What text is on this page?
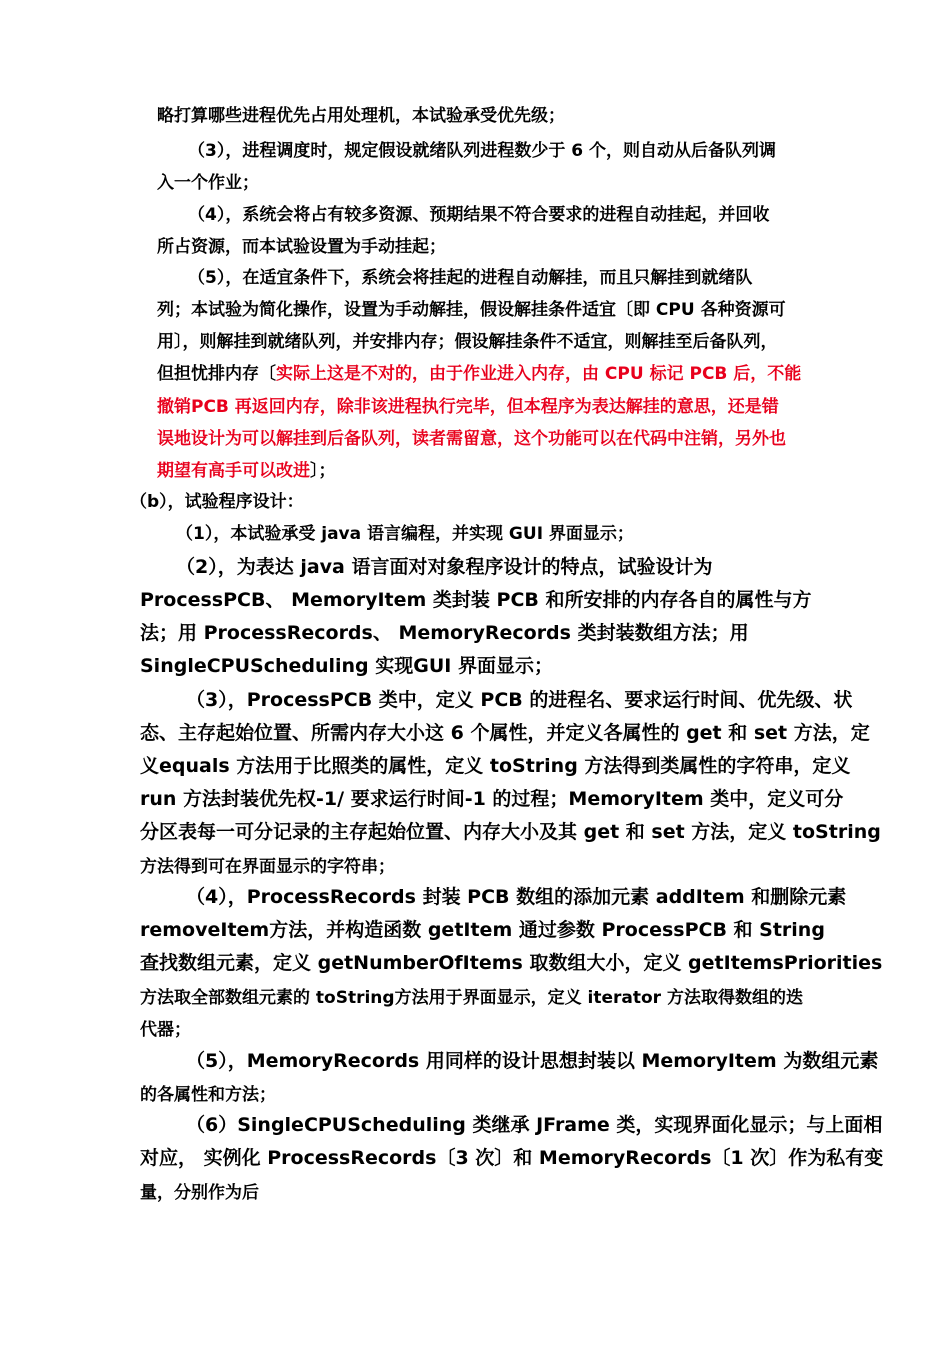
略打算哪些进程优先占用处理机，本试验承受优先级；

（3），进程调度时，规定假设就绪队列进程数少于 6 个，则自动从后备队列调

入一个作业；

（4），系统会将占有较多资源、预期结果不符合要求的进程自动挂起，并回收

所占资源，而本试验设置为手动挂起；

（5），在适宜条件下，系统会将挂起的进程自动解挂，而且只解挂到就绪队

列；本试验为简化操作，设置为手动解挂，假设解挂条件适宜〔即 CPU 各种资源可

用〕，则解挂到就绪队列，并安排内存；假设解挂条件不适宜，则解挂至后备队列，

但担忧排内存〔实际上这是不对的，由于作业进入内存，由 CPU 标记 PCB 后，不能

撤销PCB 再返回内存，除非该进程执行完毕，但本程序为表达解挂的意思，还是错

误地设计为可以解挂到后备队列，读者需留意，这个功能可以在代码中注销，另外也

期望有高手可以改进〕；

（b），试验程序设计：

（1），本试验承受 java 语言编程，并实现 GUI 界面显示；

（2），为表达 java 语言面对对象程序设计的特点，试验设计为

ProcessPCB、 MemoryItem 类封装 PCB 和所安排的内存各自的属性与方

法；用 ProcessRecords、 MemoryRecords 类封装数组方法；用

SingleCPUScheduling 实现GUI 界面显示；

（3），ProcessPCB 类中，定义 PCB 的进程名、要求运行时间、优先级、状

态、主存起始位置、所需内存大小这 6 个属性，并定义各属性的 get 和 set 方法，定

义equals 方法用于比照类的属性，定义 toString 方法得到类属性的字符串，定义

run 方法封装优先权-1/ 要求运行时间-1 的过程；MemoryItem 类中，定义可分

分区表每一可分记录的主存起始位置、内存大小及其 get 和 set 方法，定义 toString

方法得到可在界面显示的字符串；

（4），ProcessRecords 封装 PCB 数组的添加元素 addItem 和删除元素

removeItem方法，并构造函数 getItem 通过参数 ProcessPCB 和 String

查找数组元素，定义 getNumberOfItems 取数组大小，定义 getItemsPriorities

方法取全部数组元素的 toString方法用于界面显示，定义 iterator 方法取得数组的迭

代器；

（5），MemoryRecords 用同样的设计思想封装以 MemoryItem 为数组元素

的各属性和方法；

（6）SingleCPUScheduling 类继承 JFrame 类，实现界面化显示；与上面相

对应， 实例化 ProcessRecords〔3 次〕和 MemoryRecords〔1 次〕作为私有变

量，分别作为后
